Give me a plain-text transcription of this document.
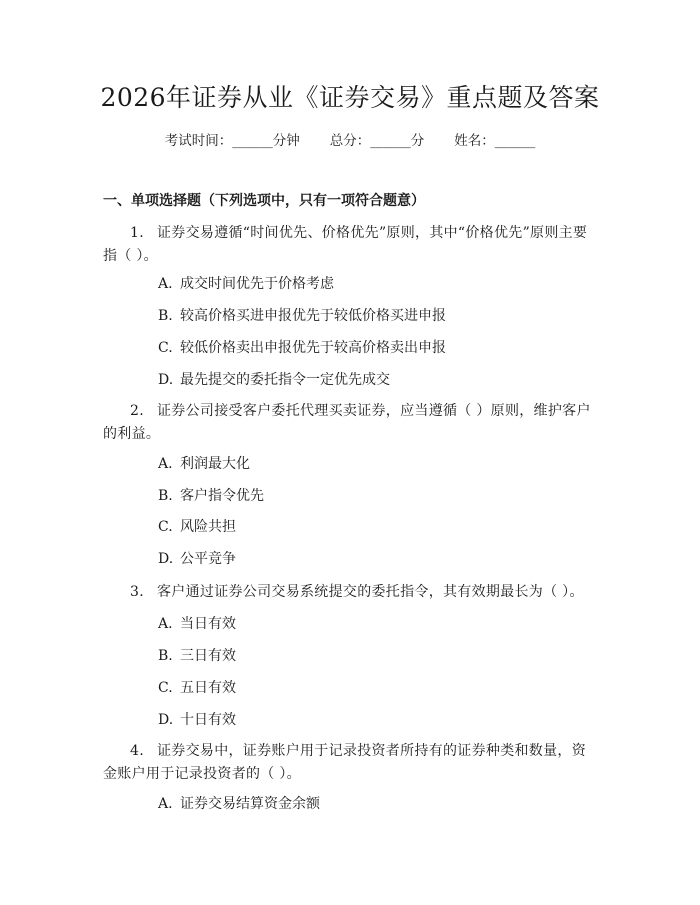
2026年证券从业《证券交易》重点题及答案
考试时间：______分钟 总分：______分 姓名：______
一、单项选择题（下列选项中，只有一项符合题意）
1. 证券交易遵循“时间优先、价格优先”原则，其中“价格优先”原则主要指（ ）。
A. 成交时间优先于价格考虑
B. 较高价格买进申报优先于较低价格买进申报
C. 较低价格卖出申报优先于较高价格卖出申报
D. 最先提交的委托指令一定优先成交
2. 证券公司接受客户委托代理买卖证券，应当遵循（ ）原则，维护客户的利益。
A. 利润最大化
B. 客户指令优先
C. 风险共担
D. 公平竞争
3. 客户通过证券公司交易系统提交的委托指令，其有效期最长为（ ）。
A. 当日有效
B. 三日有效
C. 五日有效
D. 十日有效
4. 证券交易中，证券账户用于记录投资者所持有的证券种类和数量，资金账户用于记录投资者的（ ）。
A. 证券交易结算资金余额
